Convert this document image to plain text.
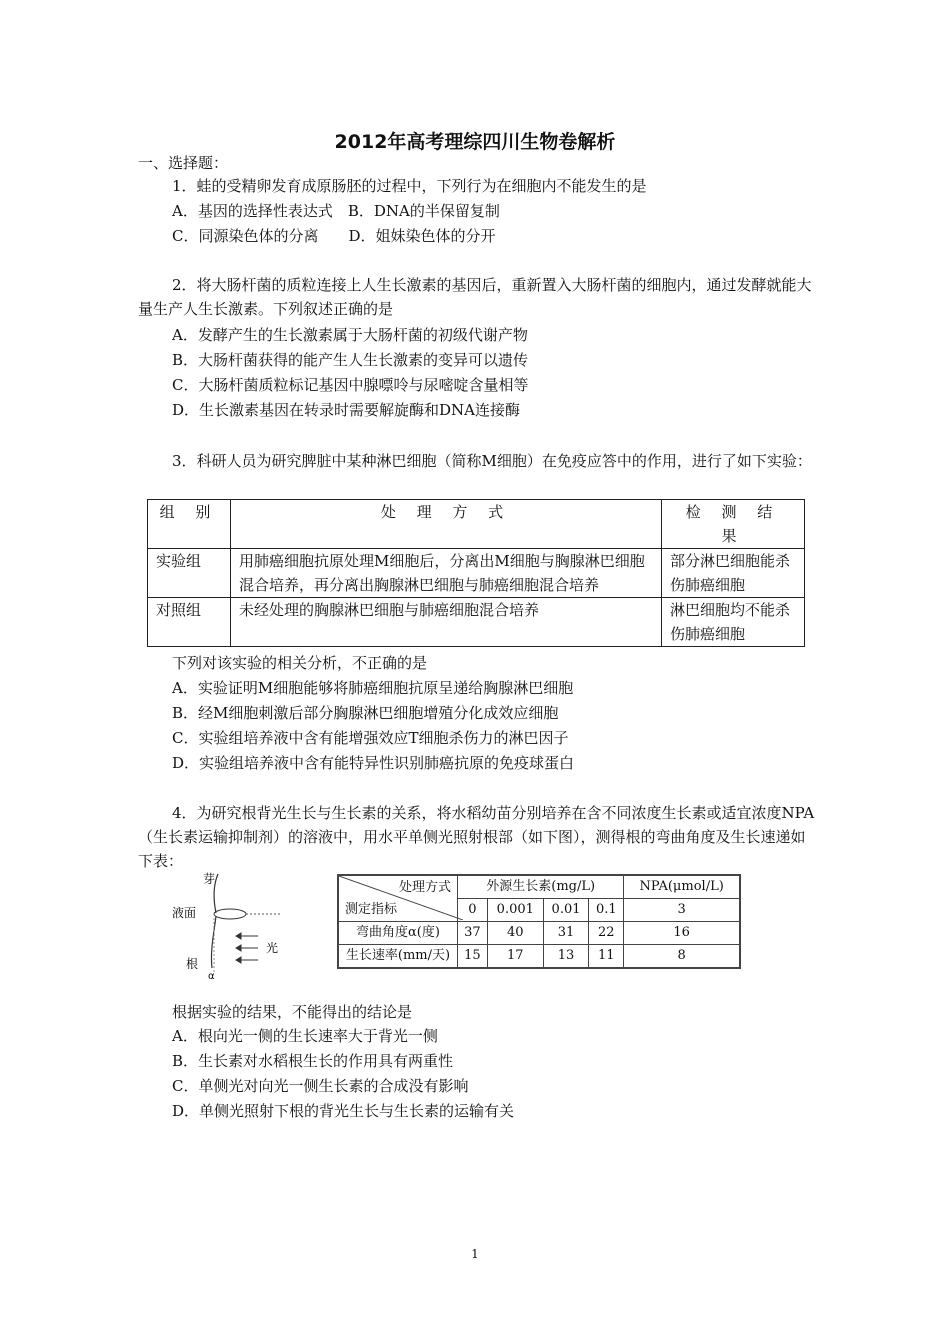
2012年高考理综四川生物卷解析
一、选择题：
1．蛙的受精卵发育成原肠胚的过程中，下列行为在细胞内不能发生的是
A．基因的选择性表达式　B．DNA的半保留复制
C．同源染色体的分离　　D．姐妹染色体的分开
2．将大肠杆菌的质粒连接上人生长激素的基因后，重新置入大肠杆菌的细胞内，通过发酵就能大量生产人生长激素。下列叙述正确的是
A．发酵产生的生长激素属于大肠杆菌的初级代谢产物
B．大肠杆菌获得的能产生人生长激素的变异可以遗传
C．大肠杆菌质粒标记基因中腺嘌呤与尿嘧啶含量相等
D．生长激素基因在转录时需要解旋酶和DNA连接酶
3．科研人员为研究脾脏中某种淋巴细胞（简称M细胞）在免疫应答中的作用，进行了如下实验：
组 别	处 理 方 式	检 测 结 果
实验组	用肺癌细胞抗原处理M细胞后，分离出M细胞与胸腺淋巴细胞混合培养，再分离出胸腺淋巴细胞与肺癌细胞混合培养	部分淋巴细胞能杀伤肺癌细胞
对照组	未经处理的胸腺淋巴细胞与肺癌细胞混合培养	淋巴细胞均不能杀伤肺癌细胞
下列对该实验的相关分析，不正确的是
A．实验证明M细胞能够将肺癌细胞抗原呈递给胸腺淋巴细胞
B．经M细胞刺激后部分胸腺淋巴细胞增殖分化成效应细胞
C．实验组培养液中含有能增强效应T细胞杀伤力的淋巴因子
D．实验组培养液中含有能特异性识别肺癌抗原的免疫球蛋白
4．为研究根背光生长与生长素的关系，将水稻幼苗分别培养在含不同浓度生长素或适宜浓度NPA（生长素运输抑制剂）的溶液中，用水平单侧光照射根部（如下图），测得根的弯曲角度及生长速递如下表：
芽
液面
光
根
α
处理方式
测定指标	外源生长素(mg/L)				NPA(μmol/L)
	0	0.001	0.01	0.1	3
弯曲角度α(度)	37	40	31	22	16
生长速率(mm/天)	15	17	13	11	8
根据实验的结果，不能得出的结论是
A．根向光一侧的生长速率大于背光一侧
B．生长素对水稻根生长的作用具有两重性
C．单侧光对向光一侧生长素的合成没有影响
D．单侧光照射下根的背光生长与生长素的运输有关
1
